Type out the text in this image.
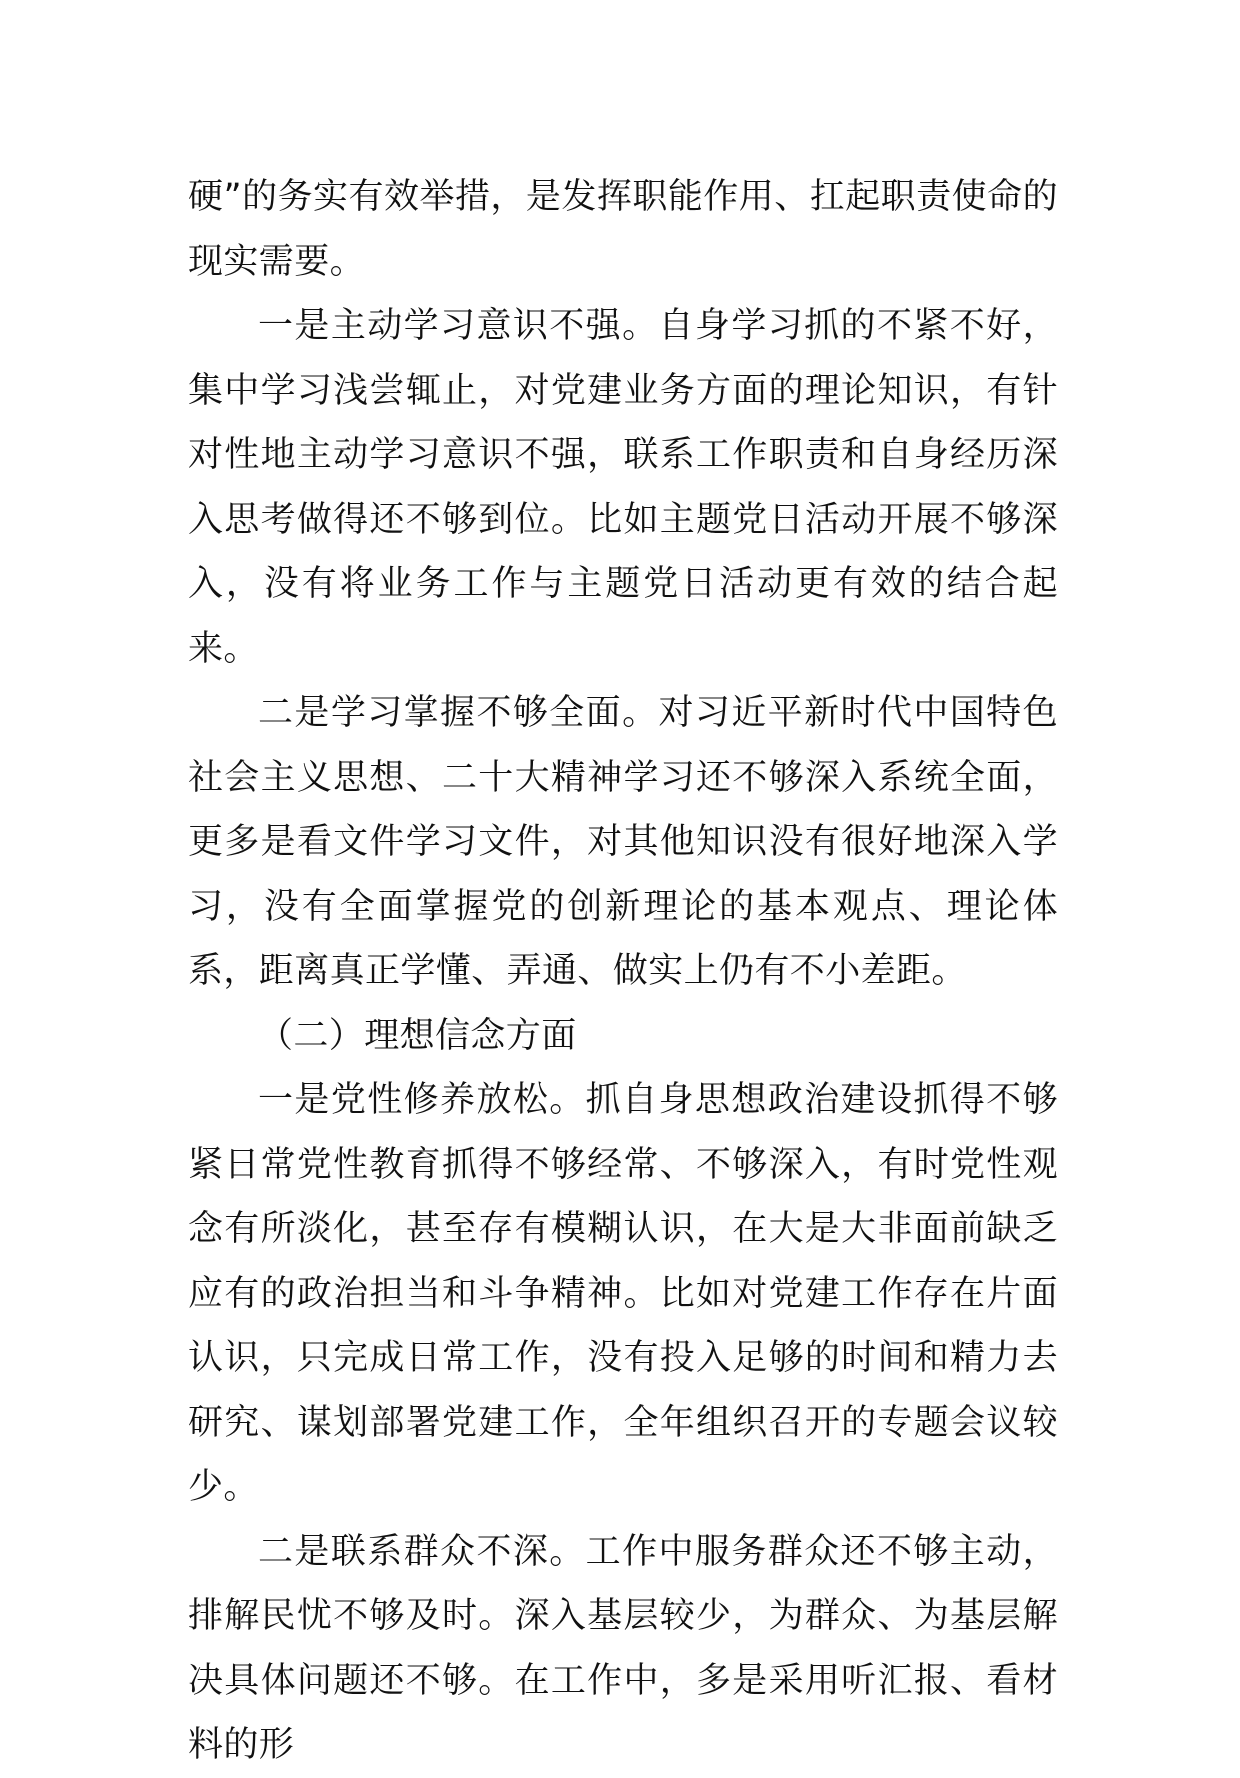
硬”的务实有效举措，是发挥职能作用、扛起职责使命的现实需要。

一是主动学习意识不强。自身学习抓的不紧不好，集中学习浅尝辄止，对党建业务方面的理论知识，有针对性地主动学习意识不强，联系工作职责和自身经历深入思考做得还不够到位。比如主题党日活动开展不够深入，没有将业务工作与主题党日活动更有效的结合起来。

二是学习掌握不够全面。对习近平新时代中国特色社会主义思想、二十大精神学习还不够深入系统全面，更多是看文件学习文件，对其他知识没有很好地深入学习，没有全面掌握党的创新理论的基本观点、理论体系，距离真正学懂、弄通、做实上仍有不小差距。

（二）理想信念方面

一是党性修养放松。抓自身思想政治建设抓得不够紧日常党性教育抓得不够经常、不够深入，有时党性观念有所淡化，甚至存有模糊认识，在大是大非面前缺乏应有的政治担当和斗争精神。比如对党建工作存在片面认识，只完成日常工作，没有投入足够的时间和精力去研究、谋划部署党建工作，全年组织召开的专题会议较少。

二是联系群众不深。工作中服务群众还不够主动，排解民忧不够及时。深入基层较少，为群众、为基层解决具体问题还不够。在工作中，多是采用听汇报、看材料的形
